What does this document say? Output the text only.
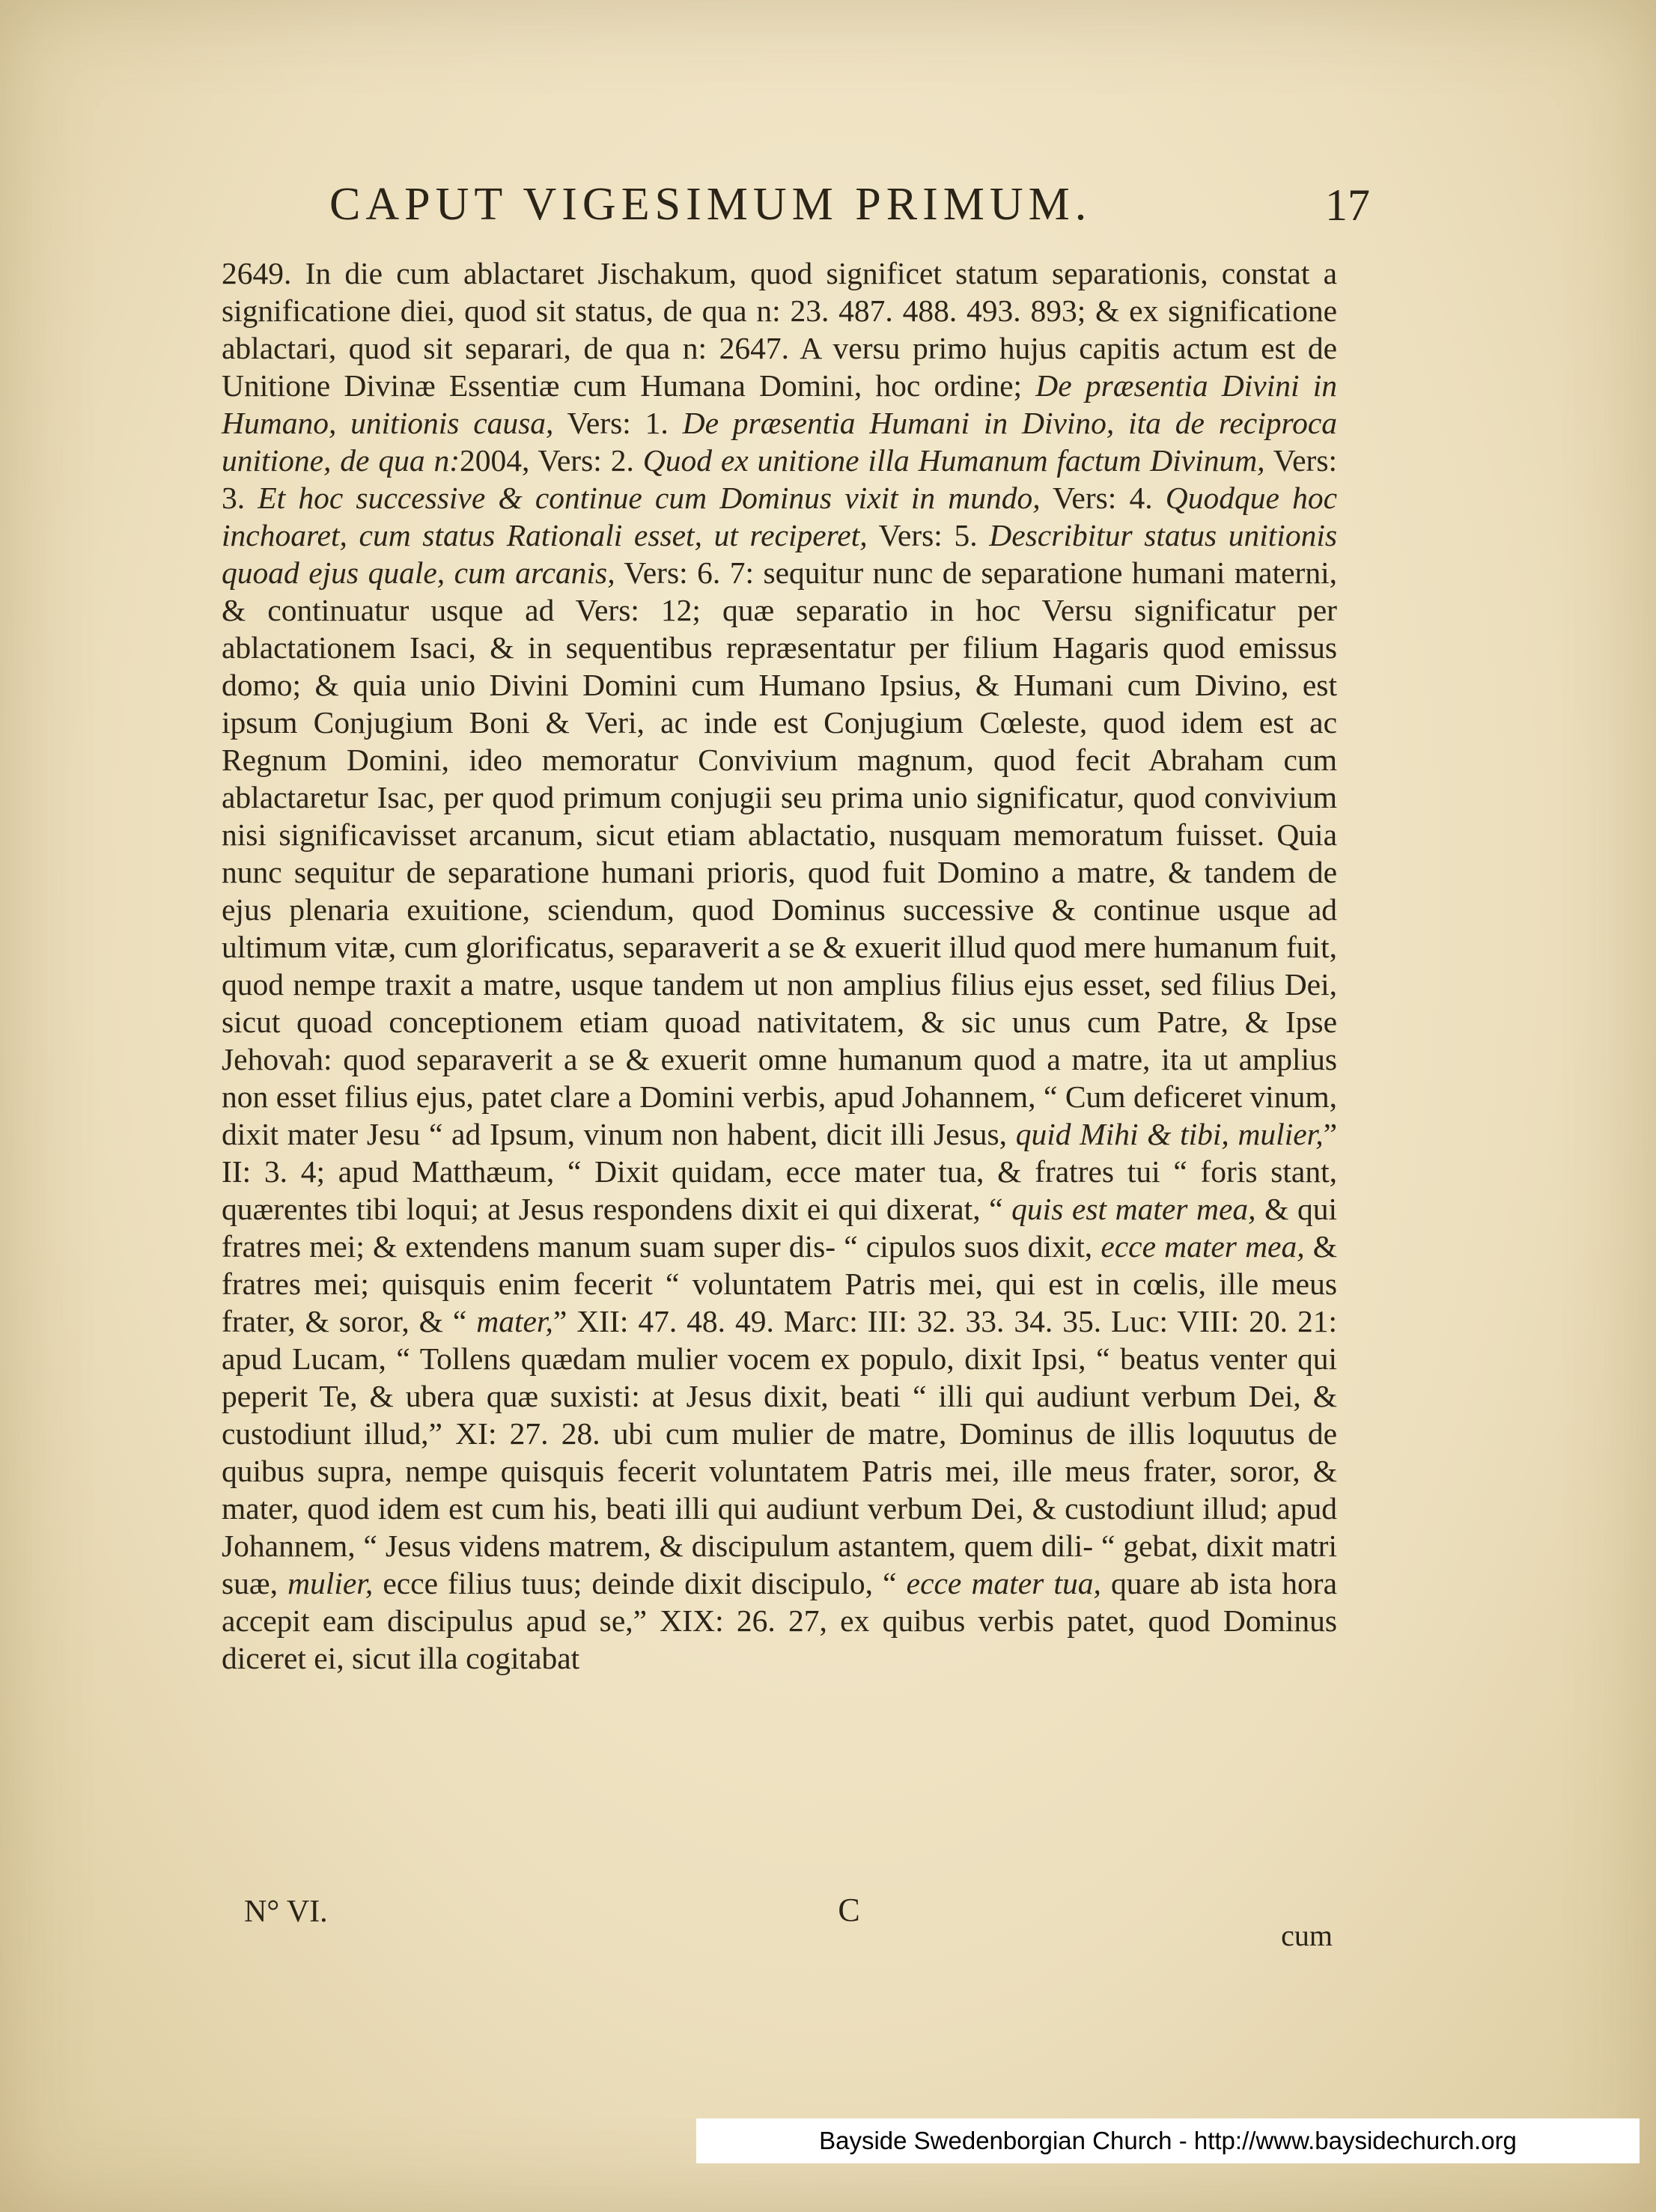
CAPUT VIGESIMUM PRIMUM.	17

2649. In die cum ablactaret Jischakum, quod significet statum separationis, constat a significatione diei, quod sit status, de qua n: 23. 487. 488. 493. 893; & ex significatione ablactari, quod sit separari, de qua n: 2647. A versu primo hujus capitis actum est de Unitione Divinæ Essentiæ cum Humana Domini, hoc ordine; De præsentia Divini in Humano, unitionis causa, Vers: 1. De præsentia Humani in Divino, ita de reciproca unitione, de qua n:2004, Vers: 2. Quod ex unitione illa Humanum factum Divinum, Vers: 3. Et hoc successive & continue cum Dominus vixit in mundo, Vers: 4. Quodque hoc inchoaret, cum status Rationali esset, ut reciperet, Vers: 5. Describitur status unitionis quoad ejus quale, cum arcanis, Vers: 6. 7: sequitur nunc de separatione humani materni, & continuatur usque ad Vers: 12; quæ separatio in hoc Versu significatur per ablactationem Isaci, & in sequentibus repræsentatur per filium Hagaris quod emissus domo; & quia unio Divini Domini cum Humano Ipsius, & Humani cum Divino, est ipsum Conjugium Boni & Veri, ac inde est Conjugium Cœleste, quod idem est ac Regnum Domini, ideo memoratur Convivium magnum, quod fecit Abraham cum ablactaretur Isac, per quod primum conjugii seu prima unio significatur, quod convivium nisi significavisset arcanum, sicut etiam ablactatio, nusquam memoratum fuisset. Quia nunc sequitur de separatione humani prioris, quod fuit Domino a matre, & tandem de ejus plenaria exuitione, sciendum, quod Dominus successive & continue usque ad ultimum vitæ, cum glorificatus, separaverit a se & exuerit illud quod mere humanum fuit, quod nempe traxit a matre, usque tandem ut non amplius filius ejus esset, sed filius Dei, sicut quoad conceptionem etiam quoad nativitatem, & sic unus cum Patre, & Ipse Jehovah: quod separaverit a se & exuerit omne humanum quod a matre, ita ut amplius non esset filius ejus, patet clare a Domini verbis, apud Johannem, “ Cum deficeret vinum, dixit mater Jesu “ ad Ipsum, vinum non habent, dicit illi Jesus, quid Mihi & tibi, mulier,” II: 3. 4; apud Matthæum, “ Dixit quidam, ecce mater tua, & fratres tui “ foris stant, quærentes tibi loqui; at Jesus respondens dixit ei qui dixerat, “ quis est mater mea, & qui fratres mei; & extendens manum suam super dis- “ cipulos suos dixit, ecce mater mea, & fratres mei; quisquis enim fecerit “ voluntatem Patris mei, qui est in cœlis, ille meus frater, & soror, & “ mater,” XII: 47. 48. 49. Marc: III: 32. 33. 34. 35. Luc: VIII: 20. 21: apud Lucam, “ Tollens quædam mulier vocem ex populo, dixit Ipsi, “ beatus venter qui peperit Te, & ubera quæ suxisti: at Jesus dixit, beati “ illi qui audiunt verbum Dei, & custodiunt illud,” XI: 27. 28. ubi cum mulier de matre, Dominus de illis loquutus de quibus supra, nempe quisquis fecerit voluntatem Patris mei, ille meus frater, soror, & mater, quod idem est cum his, beati illi qui audiunt verbum Dei, & custodiunt illud; apud Johannem, “ Jesus videns matrem, & discipulum astantem, quem dili- “ gebat, dixit matri suæ, mulier, ecce filius tuus; deinde dixit discipulo, “ ecce mater tua, quare ab ista hora accepit eam discipulus apud se,” XIX: 26. 27, ex quibus verbis patet, quod Dominus diceret ei, sicut illa cogitabat

N° VI.	C
cum
Bayside Swedenborgian Church - http://www.baysidechurch.org
